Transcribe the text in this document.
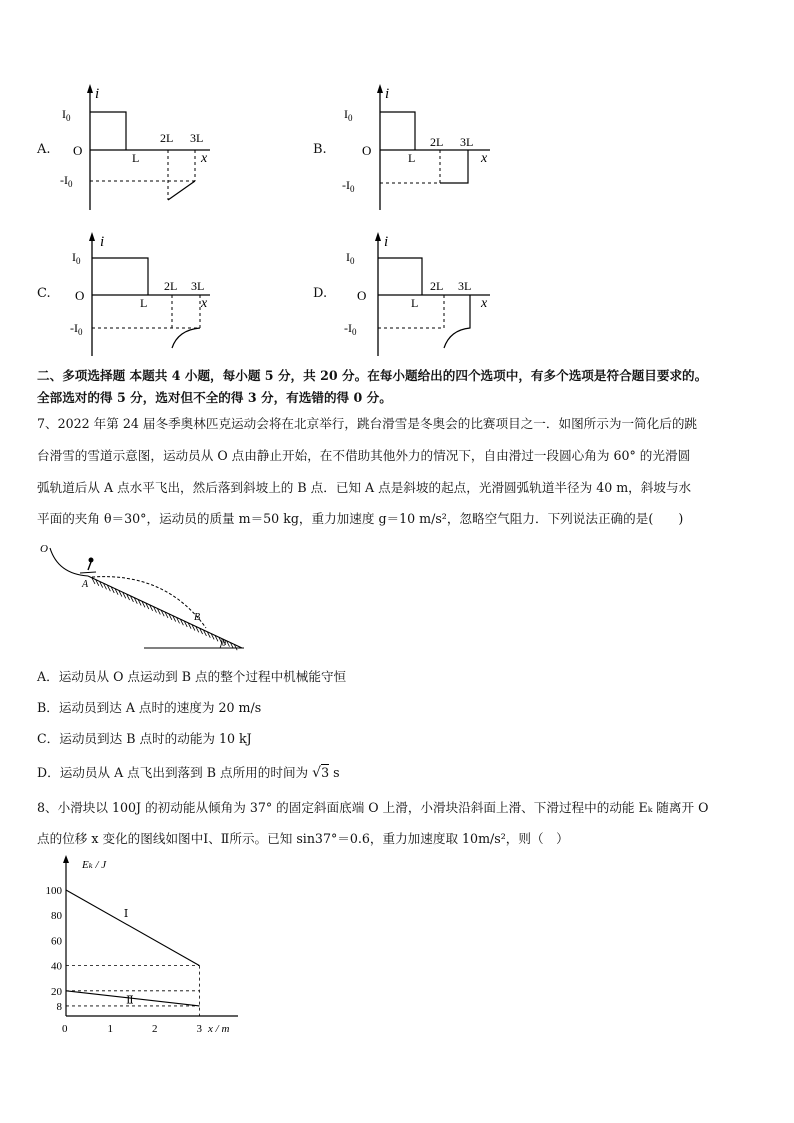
A.
i
x
$I_0$
$-I_0$
O	L
2L 3L
B.
i
x
$I_0$
$-I_0$
O	L
2L 3L
C.
i
x
$I_0$
$-I_0$
O	L
2L 3L	D.
i
x
$I_0$
$-I_0$
O	L
2L 3L
二、多项选择题 本题共 4 小题，每小题 5 分，共 20 分。在每小题给出的四个选项中，有多个选项是符合题目要求的。
全部选对的得 5 分，选对但不全的得 3 分，有选错的得 0 分。
7、2022 年第 24 届冬季奥林匹克运动会将在北京举行，跳台滑雪是冬奥会的比赛项目之一．如图所示为一简化后的跳
台滑雪的雪道示意图，运动员从 O 点由静止开始，在不借助其他外力的情况下，自由滑过一段圆心角为 60° 的光滑圆
弧轨道后从 A 点水平飞出，然后落到斜坡上的 B 点．已知 A 点是斜坡的起点，光滑圆弧轨道半径为 40 m，斜坡与水
平面的夹角 θ＝30°，运动员的质量 m＝50 kg，重力加速度 g＝10 m/s²，忽略空气阻力．下列说法正确的是(　　)
O
A
B
θ
A．运动员从 O 点运动到 B 点的整个过程中机械能守恒
B．运动员到达 A 点时的速度为 20 m/s
C．运动员到达 B 点时的动能为 10 kJ
D．运动员从 A 点飞出到落到 B 点所用的时间为 √3 s
8、小滑块以 100J 的初动能从倾角为 37° 的固定斜面底端 O 上滑，小滑块沿斜面上滑、下滑过程中的动能 Eₖ 随离开 O
点的位移 x 变化的图线如图中Ⅰ、Ⅱ所示。已知 sin37°＝0.6，重力加速度取 10m/s²，则（　）
Eₖ / J
x / m
100
80
60
40
20
8
0	1	2	3
Ⅰ
Ⅱ
